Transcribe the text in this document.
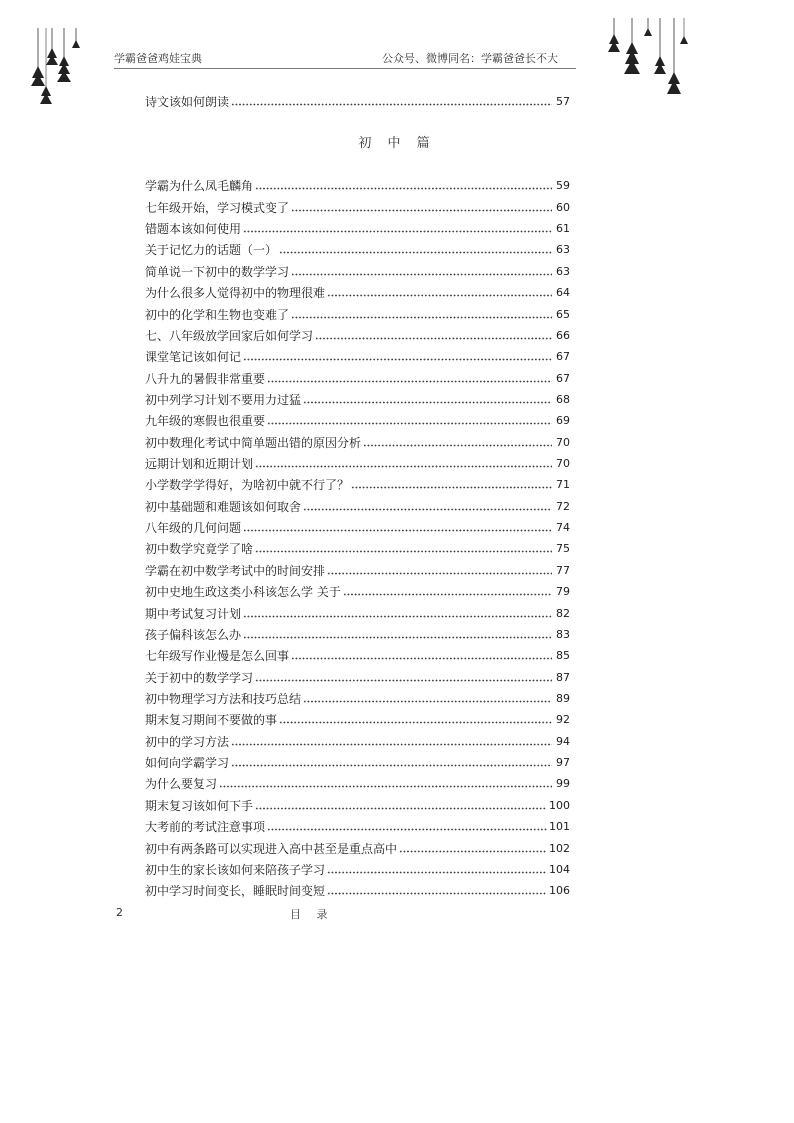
学霸爸爸鸡娃宝典	公众号、微博同名：学霸爸爸长不大
诗文该如何朗读	57
初 中 篇
学霸为什么凤毛麟角	59
七年级开始，学习模式变了	60
错题本该如何使用	61
关于记忆力的话题（一）	63
简单说一下初中的数学学习	63
为什么很多人觉得初中的物理很难	64
初中的化学和生物也变难了	65
七、八年级放学回家后如何学习	66
课堂笔记该如何记	67
八升九的暑假非常重要	67
初中列学习计划不要用力过猛	68
九年级的寒假也很重要	69
初中数理化考试中简单题出错的原因分析	70
远期计划和近期计划	70
小学数学学得好，为啥初中就不行了？	71
初中基础题和难题该如何取舍	72
八年级的几何问题	74
初中数学究竟学了啥	75
学霸在初中数学考试中的时间安排	77
初中史地生政这类小科该怎么学 关于	79
期中考试复习计划	82
孩子偏科该怎么办	83
七年级写作业慢是怎么回事	85
关于初中的数学学习	87
初中物理学习方法和技巧总结	89
期末复习期间不要做的事	92
初中的学习方法	94
如何向学霸学习	97
为什么要复习	99
期末复习该如何下手	100
大考前的考试注意事项	101
初中有两条路可以实现进入高中甚至是重点高中	102
初中生的家长该如何来陪孩子学习	104
初中学习时间变长，睡眠时间变短	106
2	目 录
